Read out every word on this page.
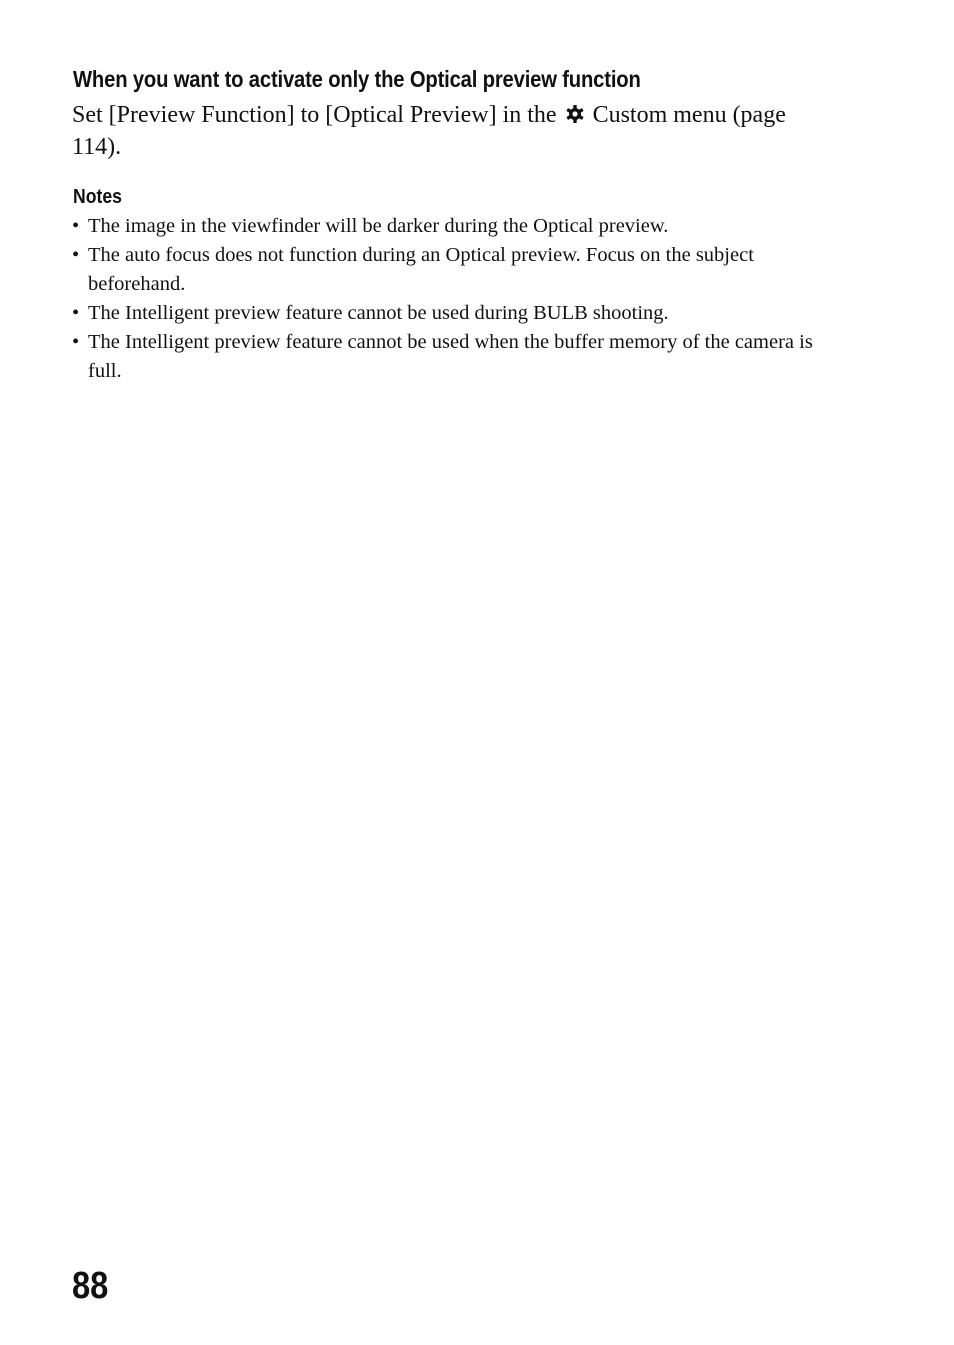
When you want to activate only the Optical preview function

Set [Preview Function] to [Optical Preview] in the Custom menu (page 114).

Notes
• The image in the viewfinder will be darker during the Optical preview.
• The auto focus does not function during an Optical preview. Focus on the subject beforehand.
• The Intelligent preview feature cannot be used during BULB shooting.
• The Intelligent preview feature cannot be used when the buffer memory of the camera is full.
88
